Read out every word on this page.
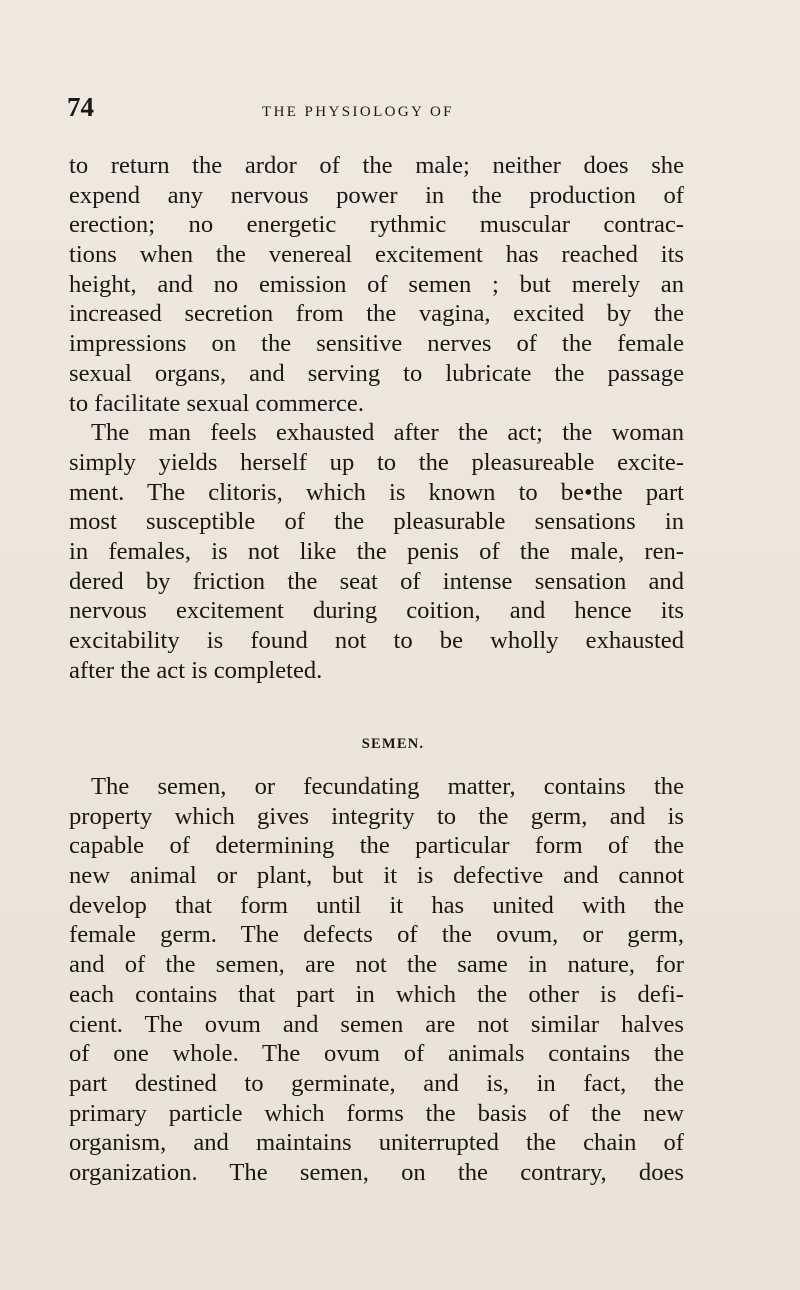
74	THE PHYSIOLOGY OF
to return the ardor of the male; neither does she
expend any nervous power in the production of
erection; no energetic rythmic muscular contrac-
tions when the venereal excitement has reached its
height, and no emission of semen ; but merely an
increased secretion from the vagina, excited by the
impressions on the sensitive nerves of the female
sexual organs, and serving to lubricate the passage
to facilitate sexual commerce.
The man feels exhausted after the act; the woman
simply yields herself up to the pleasureable excite-
ment. The clitoris, which is known to be•the part
most susceptible of the pleasurable sensations in
in females, is not like the penis of the male, ren-
dered by friction the seat of intense sensation and
nervous excitement during coition, and hence its
excitability is found not to be wholly exhausted
after the act is completed.
SEMEN.
The semen, or fecundating matter, contains the
property which gives integrity to the germ, and is
capable of determining the particular form of the
new animal or plant, but it is defective and cannot
develop that form until it has united with the
female germ. The defects of the ovum, or germ,
and of the semen, are not the same in nature, for
each contains that part in which the other is defi-
cient. The ovum and semen are not similar halves
of one whole. The ovum of animals contains the
part destined to germinate, and is, in fact, the
primary particle which forms the basis of the new
organism, and maintains uniterrupted the chain of
organization. The semen, on the contrary, does
